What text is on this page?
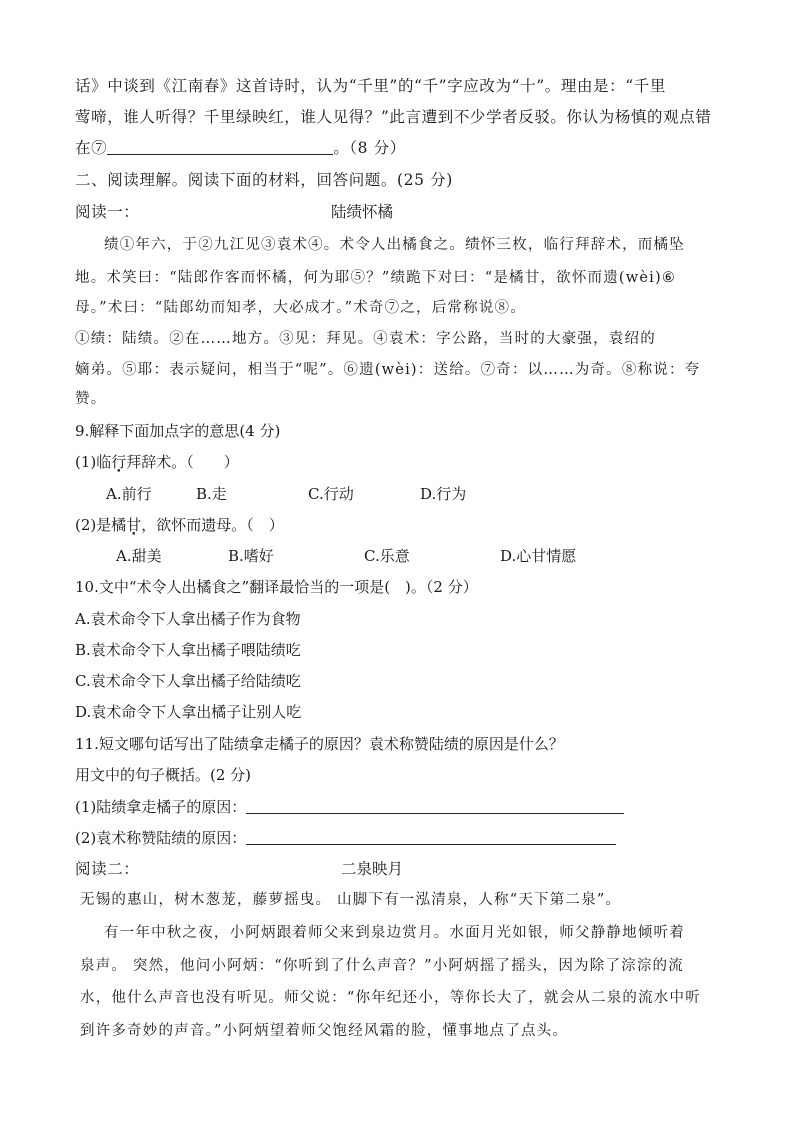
话》中谈到《江南春》这首诗时，认为“千里”的“千”字应改为“十”。理由是：“千里
莺啼，谁人听得？千里绿映红，谁人见得？”此言遭到不少学者反驳。你认为杨慎的观点错
在⑦	。（8 分）
二、阅读理解。阅读下面的材料，回答问题。(25 分)
阅读一：	陆绩怀橘
绩①年六，于②九江见③袁术④。术令人出橘食之。绩怀三枚，临行拜辞术，而橘坠
地。术笑曰：“陆郎作客而怀橘，何为耶⑤？”绩跪下对曰：“是橘甘，欲怀而遗(wèi)⑥
母。”术曰：“陆郎幼而知孝，大必成才。”术奇⑦之，后常称说⑧。
①绩：陆绩。②在……地方。③见：拜见。④袁术：字公路，当时的大豪强，袁绍的
嫡弟。⑤耶：表示疑问，相当于“呢”。⑥遗(wèi)：送给。⑦奇：以……为奇。⑧称说：夸
赞。
9.解释下面加点字的意思(4 分)
(1)临行拜辞术。（　　）
A.前行	B.走	C.行动	D.行为
(2)是橘甘，欲怀而遗母。（　）
A.甜美	B.嗜好	C.乐意	D.心甘情愿
10.文中“术令人出橘食之”翻译最恰当的一项是(　)。（2 分）
A.袁术命令下人拿出橘子作为食物
B.袁术命令下人拿出橘子喂陆绩吃
C.袁术命令下人拿出橘子给陆绩吃
D.袁术命令下人拿出橘子让别人吃
11.短文哪句话写出了陆绩拿走橘子的原因？袁术称赞陆绩的原因是什么？
用文中的句子概括。(2 分)
(1)陆绩拿走橘子的原因：
(2)袁术称赞陆绩的原因：
阅读二：	二泉映月
无锡的惠山，树木葱茏，藤萝摇曳。 山脚下有一泓清泉，人称“天下第二泉”。
有一年中秋之夜，小阿炳跟着师父来到泉边赏月。水面月光如银，师父静静地倾听着
泉声。 突然，他问小阿炳：“你听到了什么声音？”小阿炳摇了摇头，因为除了淙淙的流
水，他什么声音也没有听见。师父说：“你年纪还小，等你长大了，就会从二泉的流水中听
到许多奇妙的声音。”小阿炳望着师父饱经风霜的脸，懂事地点了点头。
